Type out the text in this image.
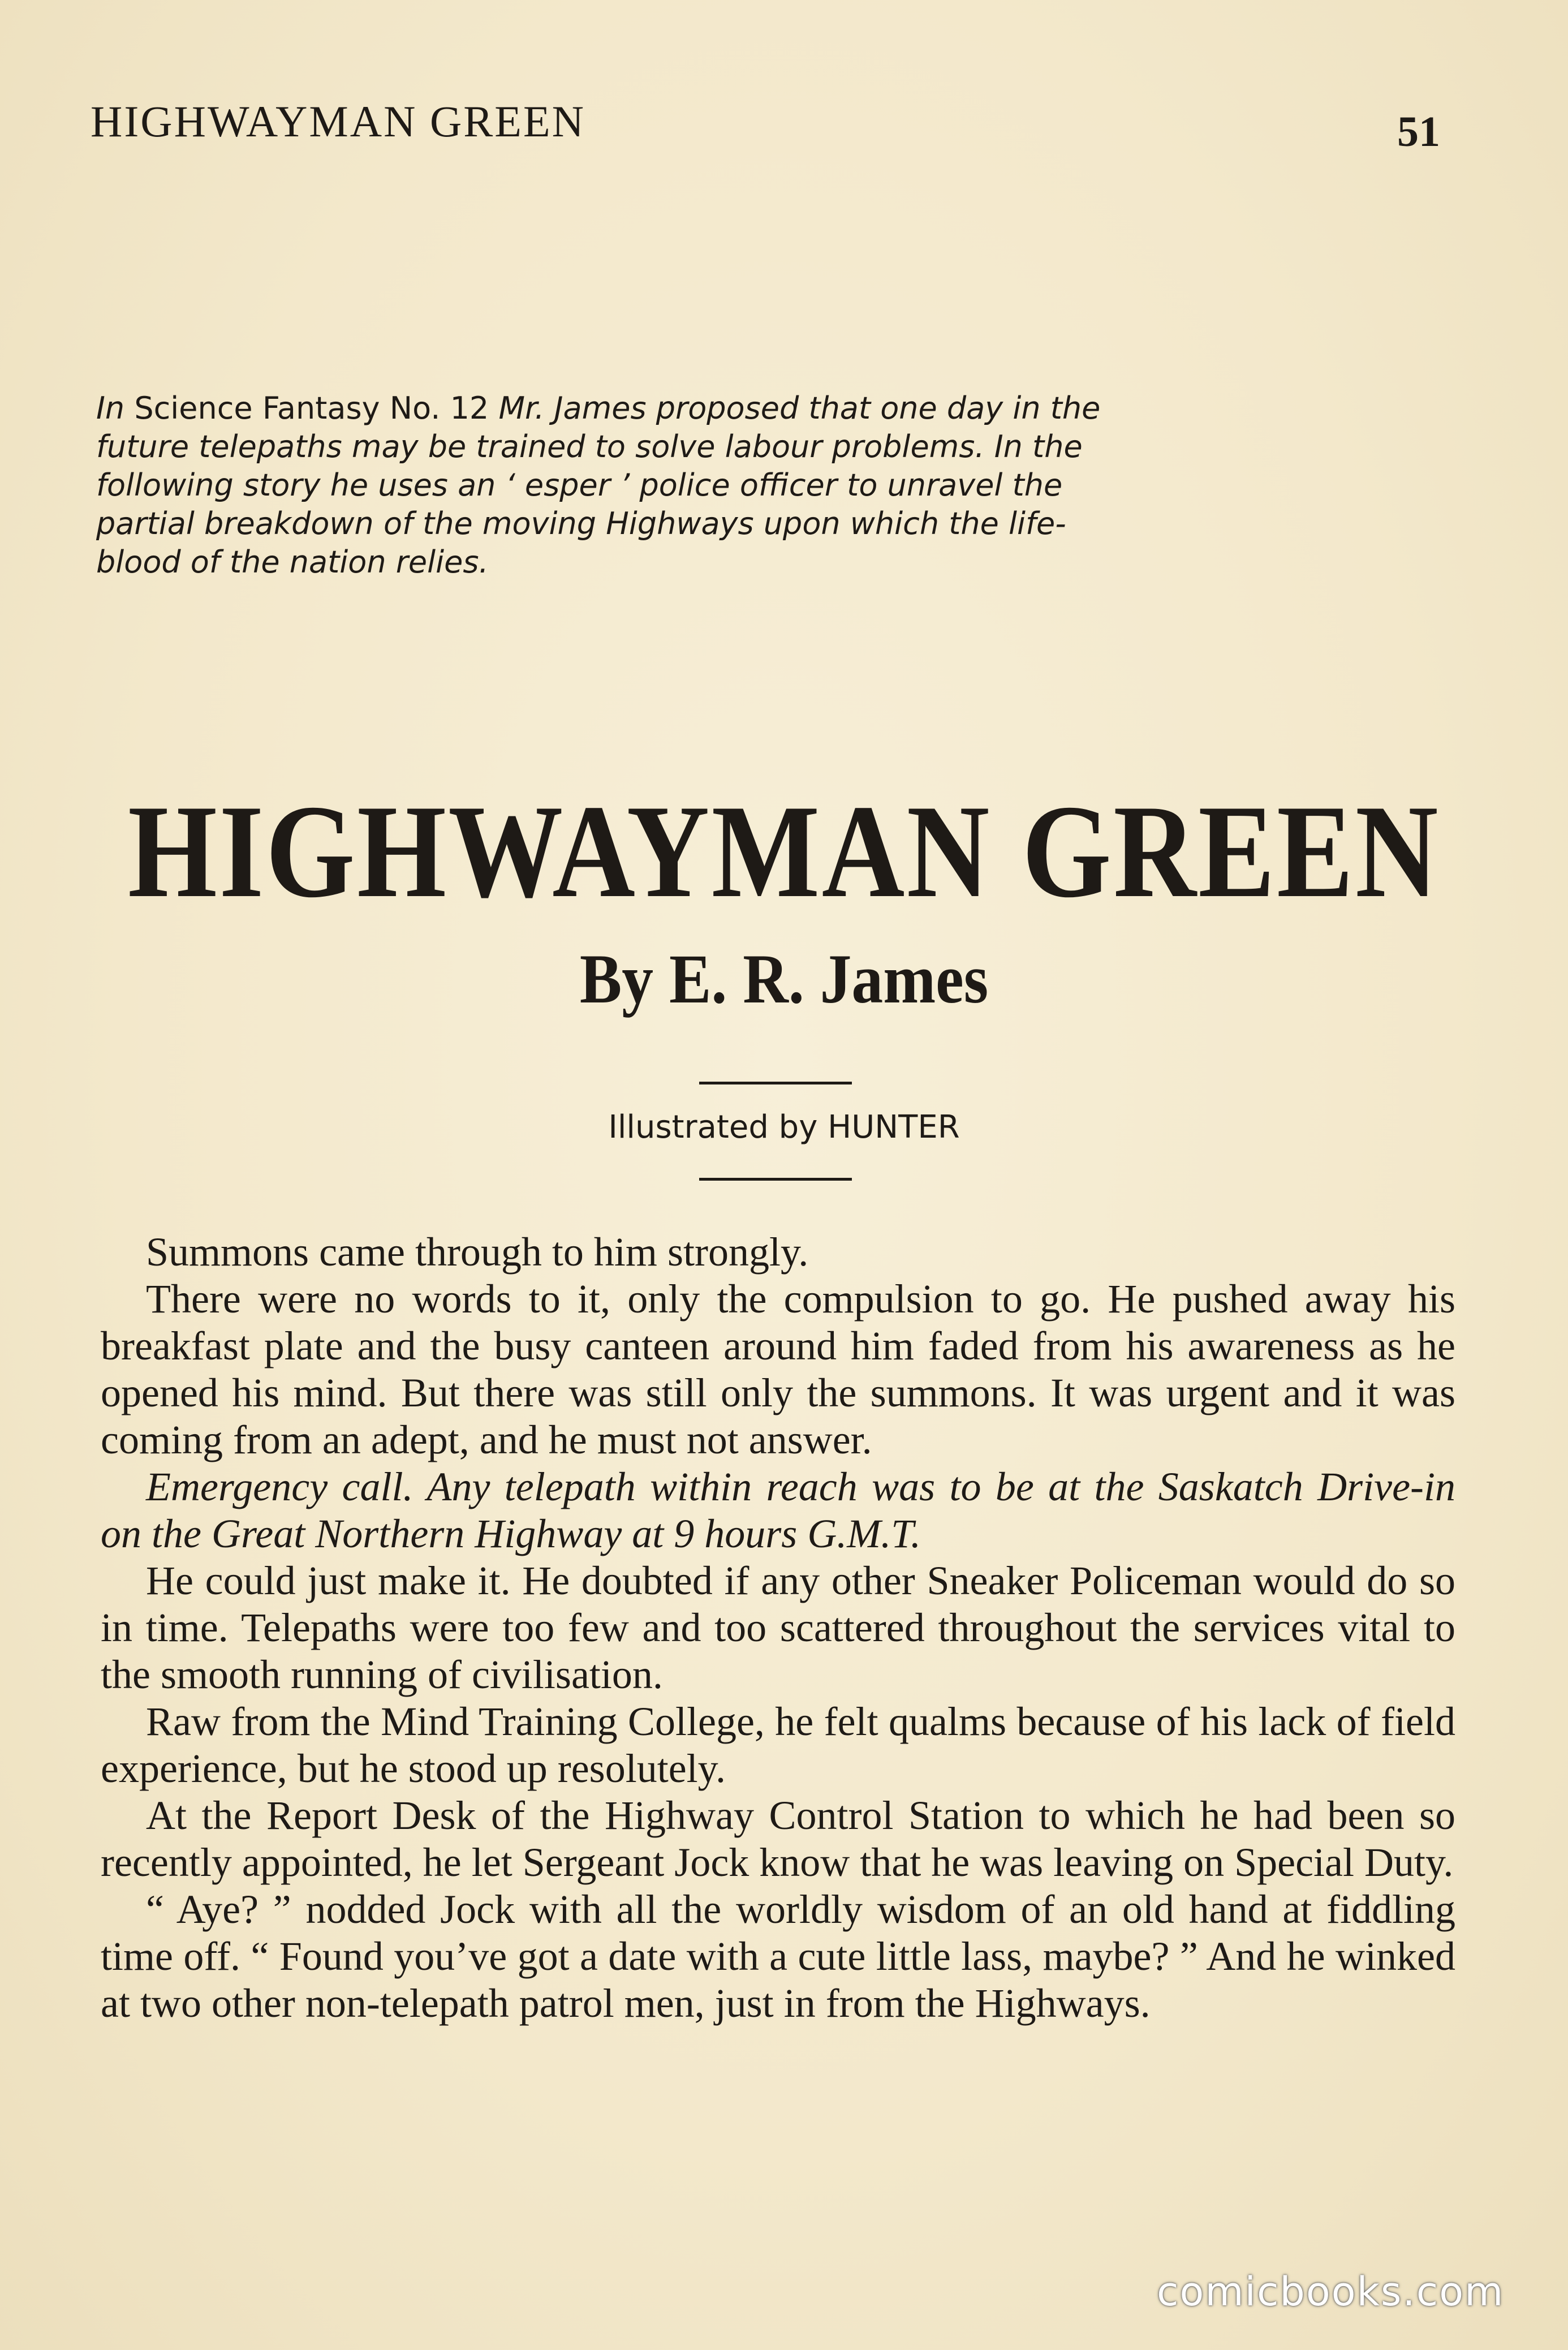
HIGHWAYMAN GREEN	51
In Science Fantasy No. 12 Mr. James proposed that one day in the future telepaths may be trained to solve labour problems. In the following story he uses an ‘ esper ’ police officer to unravel the partial breakdown of the moving Highways upon which the life-blood of the nation relies.
HIGHWAYMAN GREEN
By E. R. James
Illustrated by HUNTER

Summons came through to him strongly.

There were no words to it, only the compulsion to go. He pushed away his breakfast plate and the busy canteen around him faded from his awareness as he opened his mind. But there was still only the summons. It was urgent and it was coming from an adept, and he must not answer.

Emergency call. Any telepath within reach was to be at the Saskatch Drive-in on the Great Northern Highway at 9 hours G.M.T.

He could just make it. He doubted if any other Sneaker Policeman would do so in time. Telepaths were too few and too scattered throughout the services vital to the smooth running of civilisation.

Raw from the Mind Training College, he felt qualms because of his lack of field experience, but he stood up resolutely.

At the Report Desk of the Highway Control Station to which he had been so recently appointed, he let Sergeant Jock know that he was leaving on Special Duty.

“ Aye? ” nodded Jock with all the worldly wisdom of an old hand at fiddling time off. “ Found you’ve got a date with a cute little lass, maybe? ” And he winked at two other non-telepath patrol men, just in from the Highways.

comicbooks.com
